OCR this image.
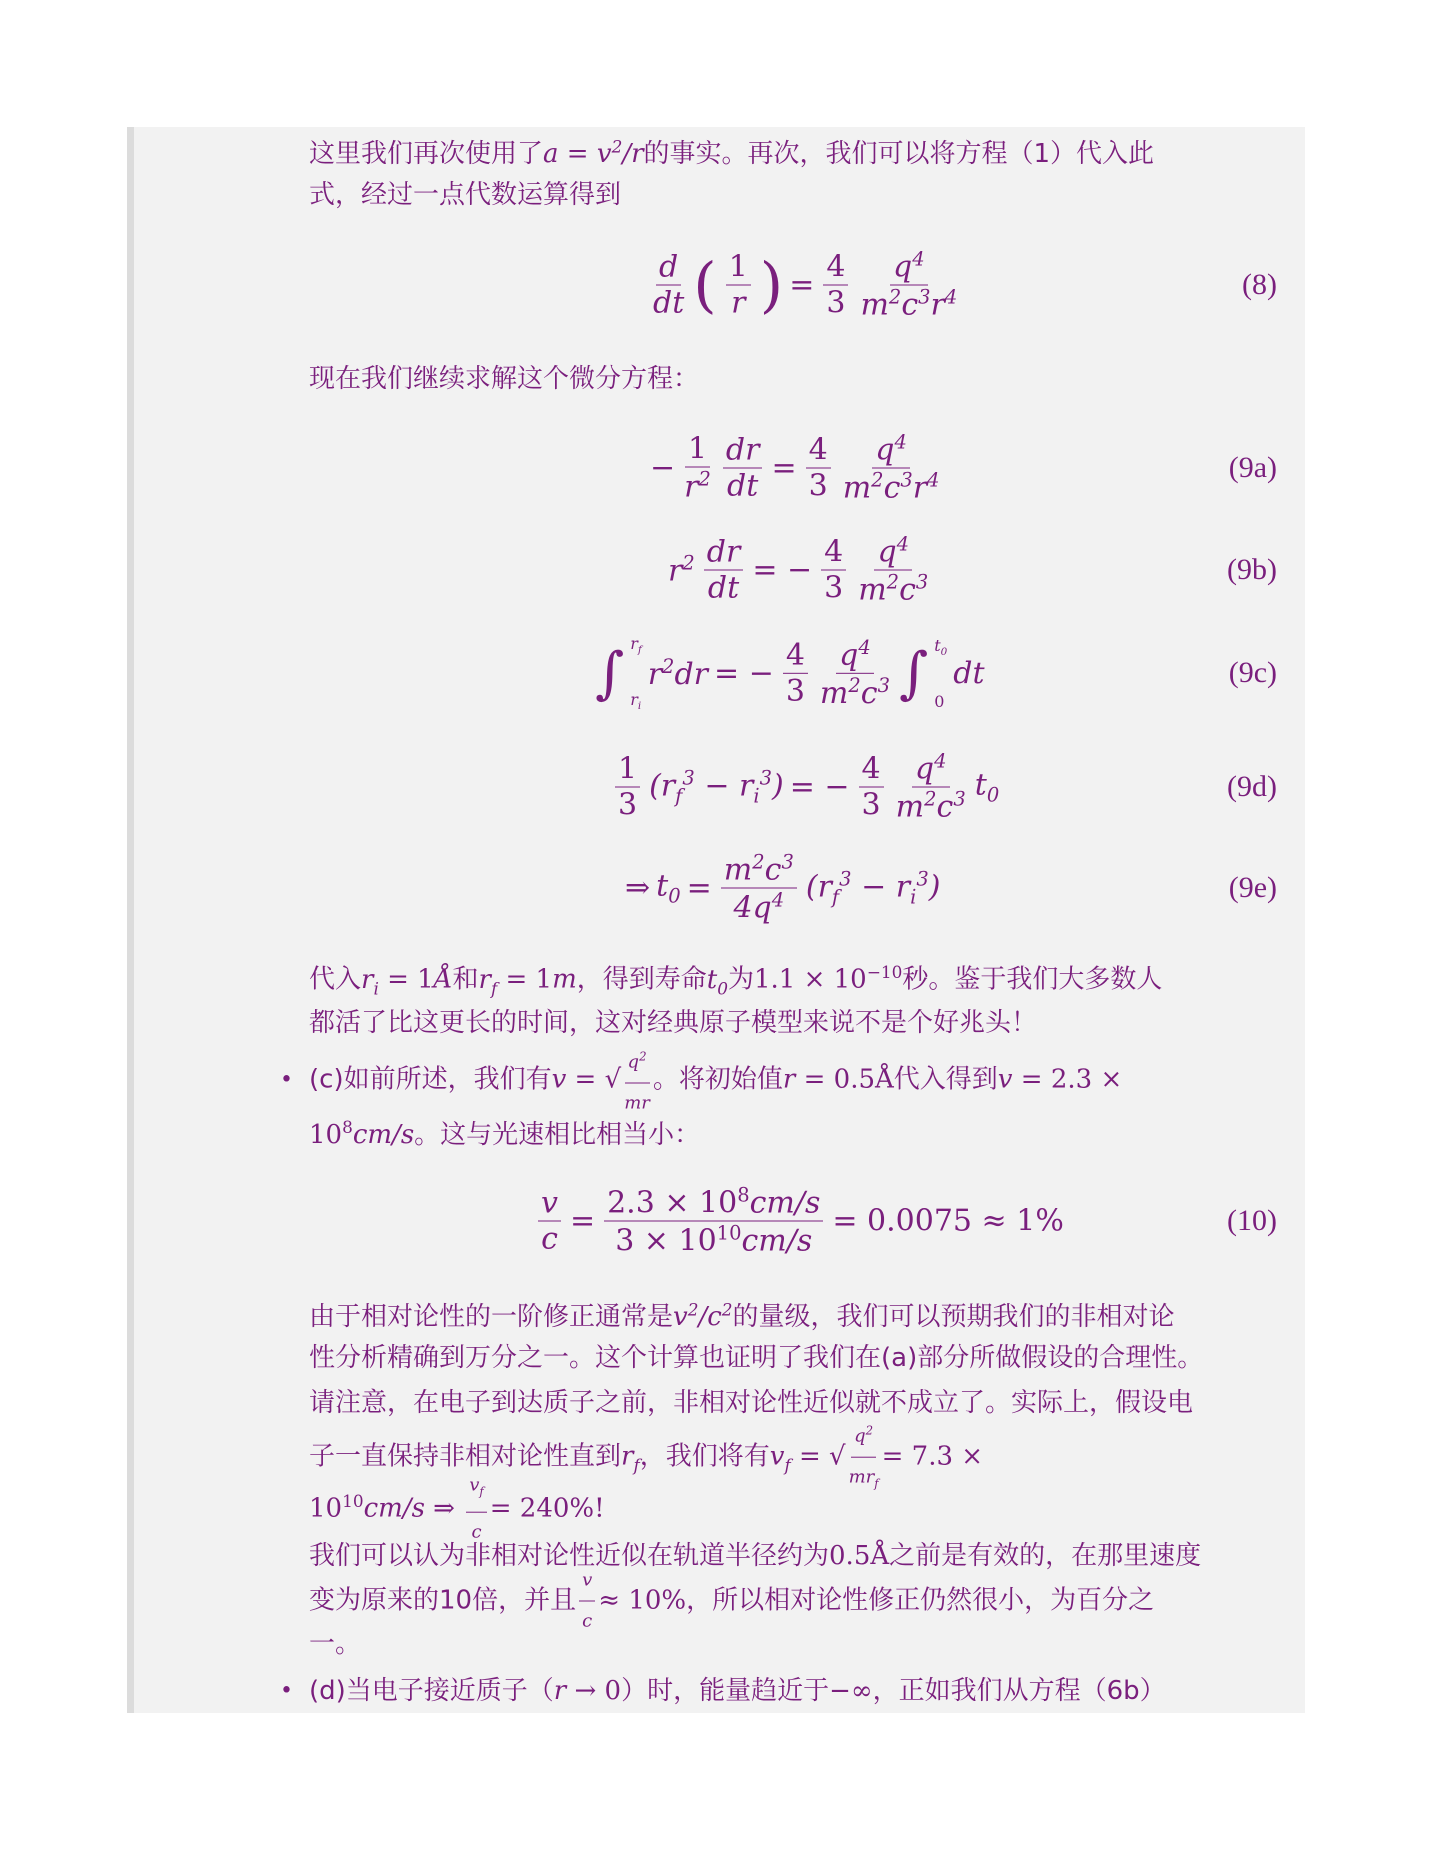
这里我们再次使用了$a = v^2/r$的事实。再次，我们可以将方程（1）代入此
式，经过一点代数运算得到
d
dt ( 1
r ) =
4
3
$q^4$
$m^2c^3r^4$	(8)
现在我们继续求解这个微分方程：
−
1
$r^2$
dr
dt
=
4
3
$q^4$
$m^2c^3r^4$	(9a)
$r^2$ dr
dt
= −
4
3
$q^4$
$m^2c^3$	(9b)
∫ $r_f$
$r_i$
$r^2dr$ = −
4
3
$q^4$
$m^2c^3$ ∫ $t_0$
0
dt	(9c)
1
3
$(r_f^3 - r_i^3)$ = −
4
3
$q^4$
$m^2c^3$ $t_0$	(9d)
⇒ $t_0$ =
$m^2c^3$
$4q^4$ $(r_f^3 - r_i^3)$	(9e)
代入$r_i$ = 1Å和$r_f = 1m$，得到寿命$t_0$为$1.1 \times 10^{-10}$秒。鉴于我们大多数人
都活了比这更长的时间，这对经典原子模型来说不是个好兆头！
• (c)如前所述，我们有v = √ $\frac{q^2}{mr}$ 。将初始值r = 0.5Å代入得到v = 2.3 ×
$10^8cm/s$。这与光速相比相当小：
v
c
= $\frac{2.3 \times 10^8cm/s}{3 \times 10^{10}cm/s} = 0.0075 \approx 1\%$	(10)
由于相对论性的一阶修正通常是$v^2/c^2$的量级，我们可以预期我们的非相对论
性分析精确到万分之一。这个计算也证明了我们在(a)部分所做假设的合理性。
请注意，在电子到达质子之前，非相对论性近似就不成立了。实际上，假设电
子一直保持非相对论性直到$r_f$，我们将有$v_f$ = √
$q^2$
$mr_f$
= 7.3 ×
$10^{10}cm/s$ ⇒ $\frac{v_f}{c} = 240\%$!
我们可以认为非相对论性近似在轨道半径约为0.5Å之前是有效的，在那里速度
变为原来的10倍，并且 $\frac{v}{c} \approx 10\%$，所以相对论性修正仍然很小，为百分之
一。
• (d)当电子接近质子（r → 0）时，能量趋近于−∞，正如我们从方程（6b）
